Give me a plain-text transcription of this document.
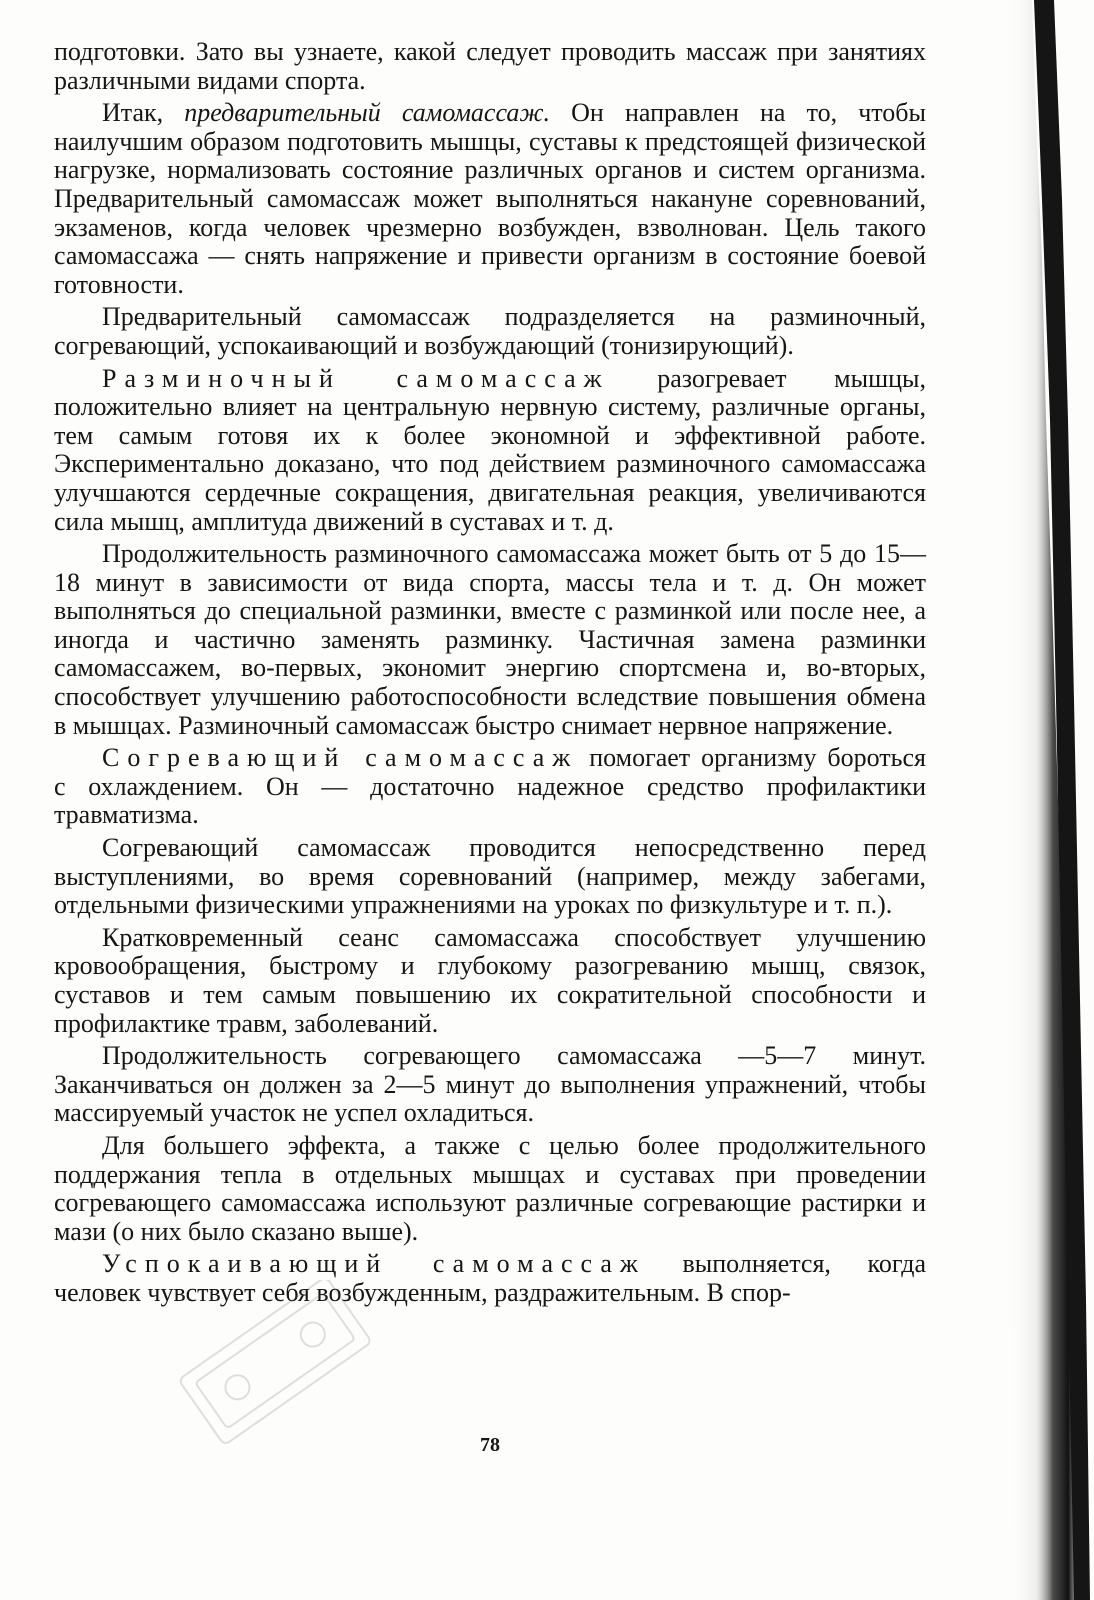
подготовки. Зато вы узнаете, какой следует проводить массаж при занятиях различными видами спорта.

Итак, предварительный самомассаж. Он направлен на то, чтобы наилучшим образом подготовить мышцы, суставы к предстоящей физической нагрузке, нормализовать состояние различных органов и систем организма. Предварительный самомассаж может выполняться накануне соревнований, экзаменов, когда человек чрезмерно возбужден, взволнован. Цель такого самомассажа — снять напряжение и привести организм в состояние боевой готовности.

Предварительный самомассаж подразделяется на разминочный, согревающий, успокаивающий и возбуждающий (тонизирующий).

Разминочный самомассаж разогревает мышцы, положительно влияет на центральную нервную систему, различные органы, тем самым готовя их к более экономной и эффективной работе. Экспериментально доказано, что под действием разминочного самомассажа улучшаются сердечные сокращения, двигательная реакция, увеличиваются сила мышц, амплитуда движений в суставах и т. д.

Продолжительность разминочного самомассажа может быть от 5 до 15—18 минут в зависимости от вида спорта, массы тела и т. д. Он может выполняться до специальной разминки, вместе с разминкой или после нее, а иногда и частично заменять разминку. Частичная замена разминки самомассажем, во-первых, экономит энергию спортсмена и, во-вторых, способствует улучшению работоспособности вследствие повышения обмена в мышцах. Разминочный самомассаж быстро снимает нервное напряжение.

Согревающий самомассаж помогает организму бороться с охлаждением. Он — достаточно надежное средство профилактики травматизма.

Согревающий самомассаж проводится непосредственно перед выступлениями, во время соревнований (например, между забегами, отдельными физическими упражнениями на уроках по физкультуре и т. п.).

Кратковременный сеанс самомассажа способствует улучшению кровообращения, быстрому и глубокому разогреванию мышц, связок, суставов и тем самым повышению их сократительной способности и профилактике травм, заболеваний.

Продолжительность согревающего самомассажа —5—7 минут. Заканчиваться он должен за 2—5 минут до выполнения упражнений, чтобы массируемый участок не успел охладиться.

Для большего эффекта, а также с целью более продолжительного поддержания тепла в отдельных мышцах и суставах при проведении согревающего самомассажа используют различные согревающие растирки и мази (о них было сказано выше).

Успокаивающий самомассаж выполняется, когда человек чувствует себя возбужденным, раздражительным. В спор-

78
